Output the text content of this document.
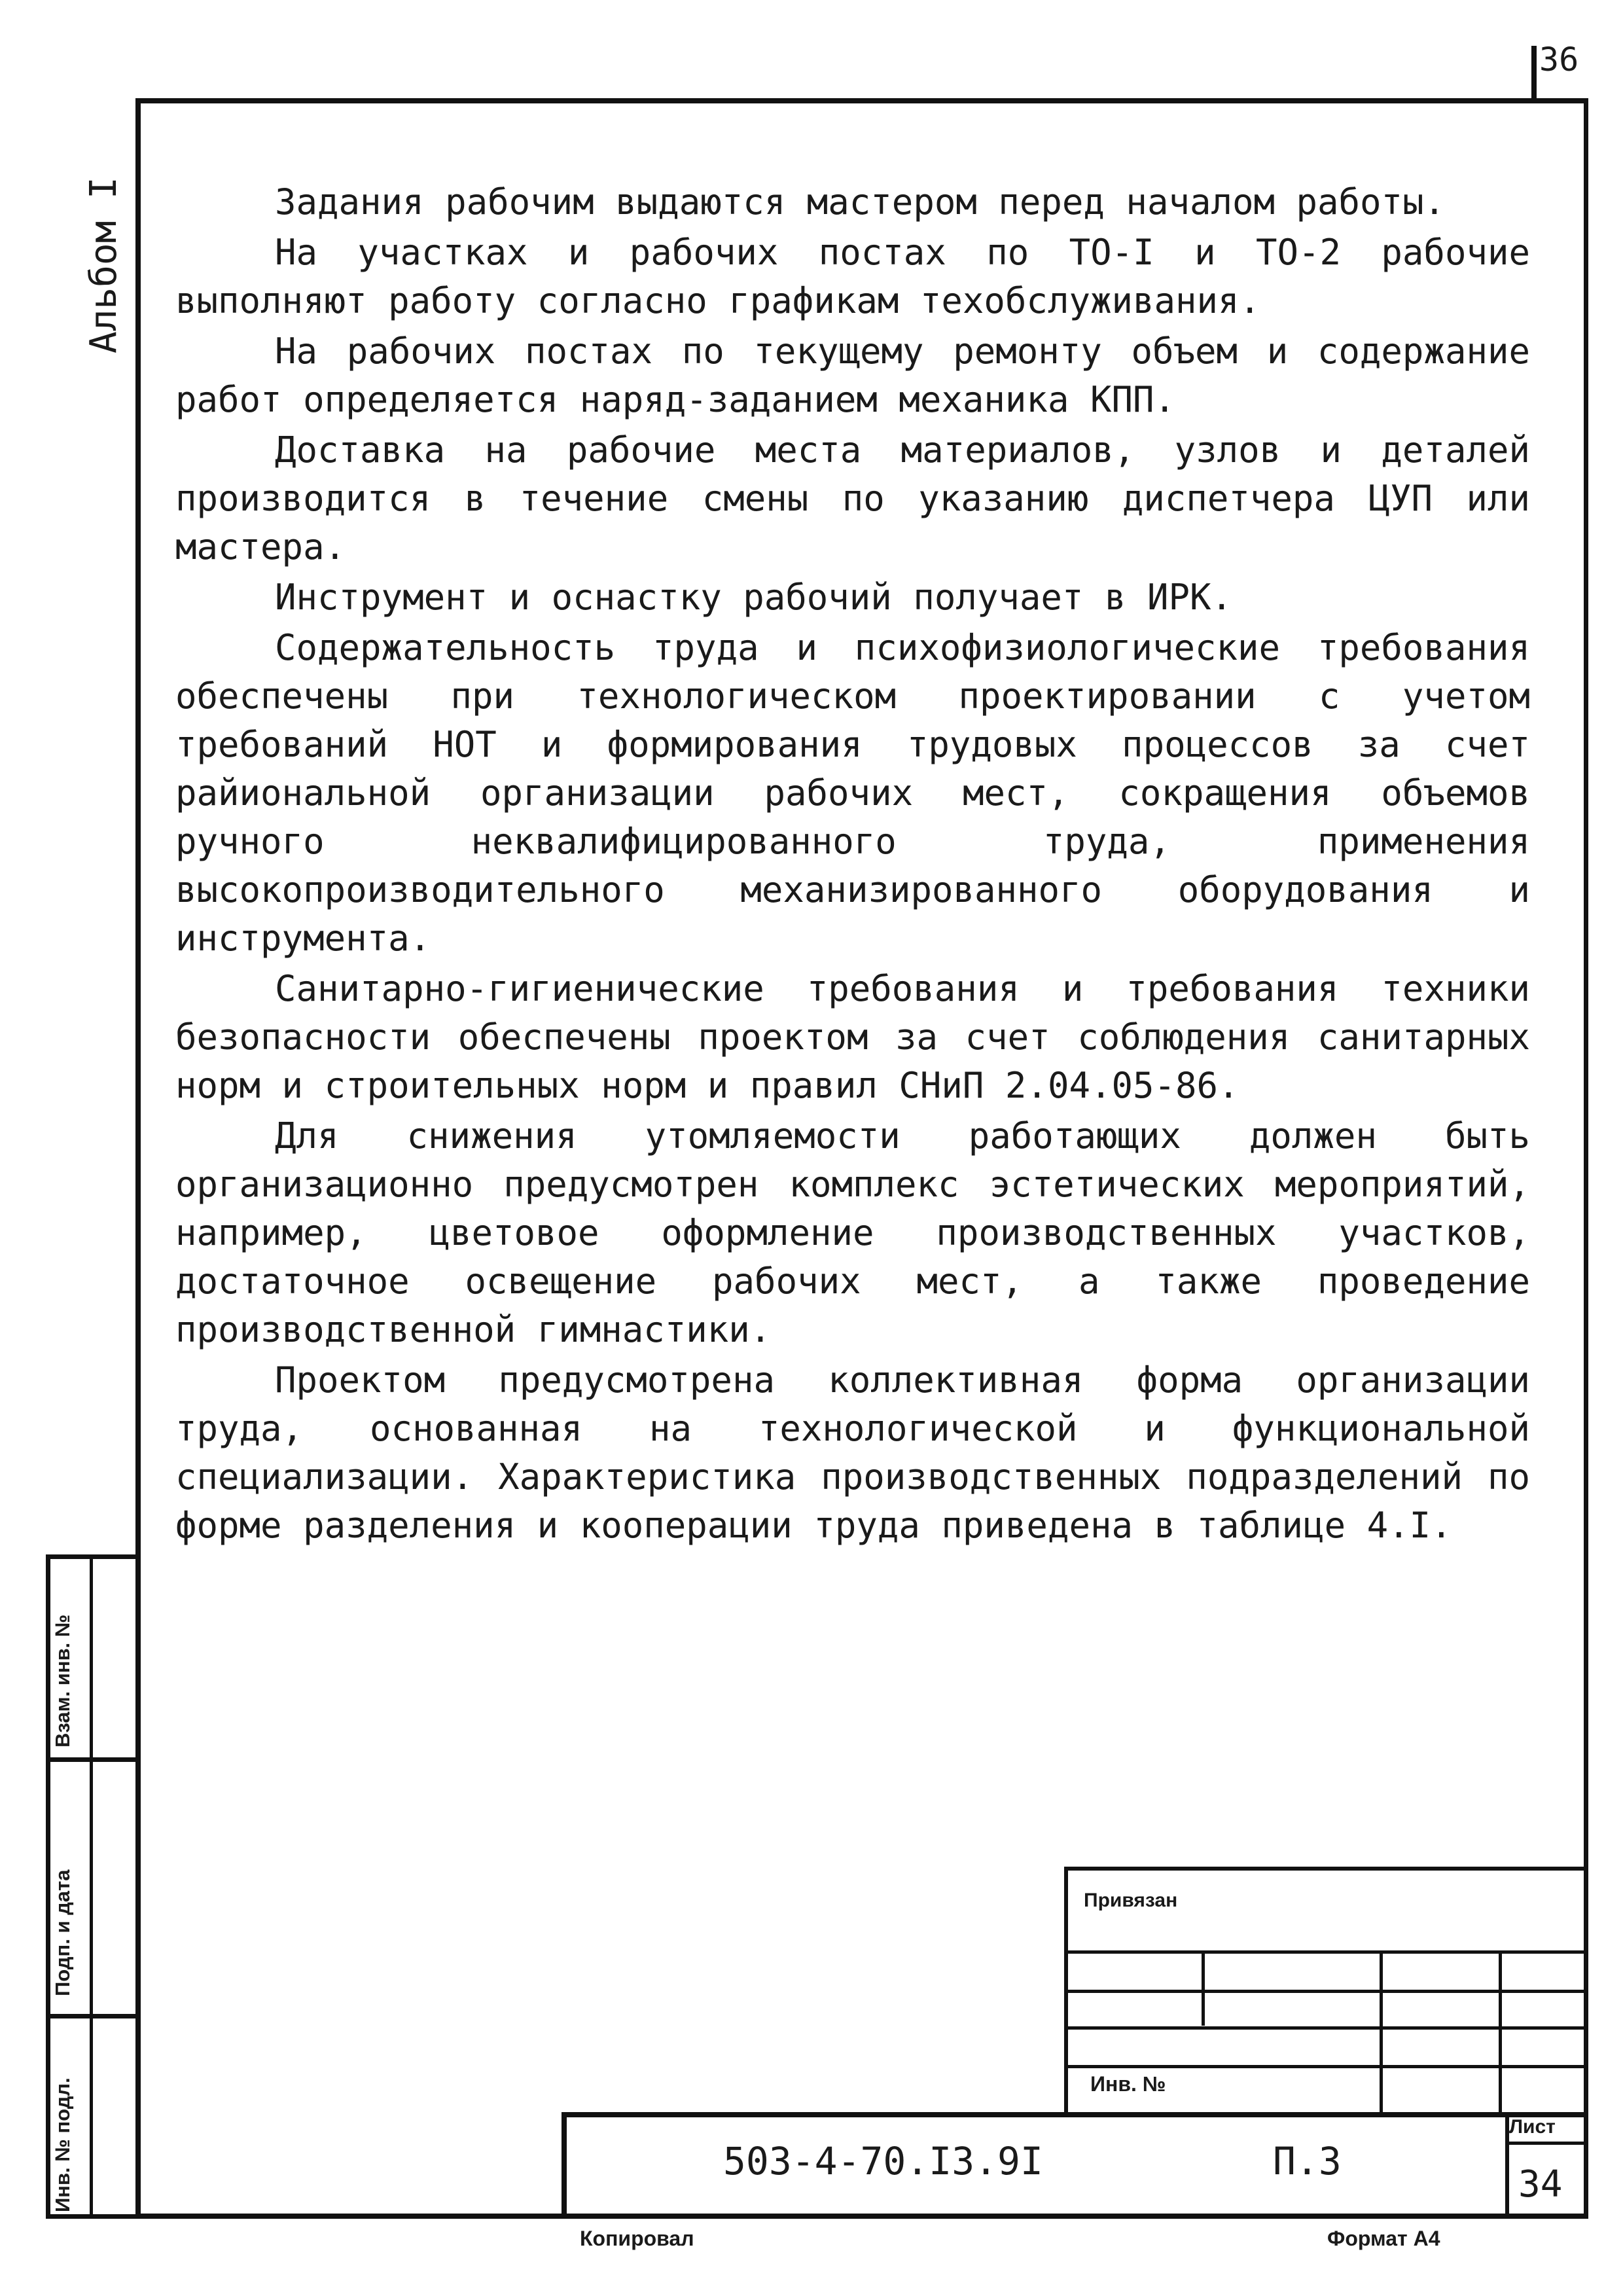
36
Альбом I
Взам. инв. №
Подп. и дата
Инв. № подл.

Задания рабочим выдаются мастером перед началом работы.

На участках и рабочих постах по ТО-I и ТО-2 рабочие выполняют работу согласно графикам техобслуживания.

На рабочих постах по текущему ремонту объем и содержание работ определяется наряд-заданием механика КПП.

Доставка на рабочие места материалов, узлов и деталей производится в течение смены по указанию диспетчера ЦУП или мастера.

Инструмент и оснастку рабочий получает в ИРК.

Содержательность труда и психофизиологические требования обеспечены при технологическом проектировании с учетом требований НОТ и формирования трудовых процессов за счет райиональной организации рабочих мест, сокращения объемов ручного неквалифицированного труда, применения высокопроизводительного механизированного оборудования и инструмента.

Санитарно-гигиенические требования и требования техники безопасности обеспечены проектом за счет соблюдения санитарных норм и строительных норм и правил СНиП 2.04.05-86.

Для снижения утомляемости работающих должен быть организационно предусмотрен комплекс эстетических мероприятий, например, цветовое оформление производственных участков, достаточное освещение рабочих мест, а также проведение производственной гимнастики.

Проектом предусмотрена коллективная форма организации труда, основанная на технологической и функциональной специализации. Характеристика производственных подразделений по форме разделения и кооперации труда приведена в таблице 4.I.

Привязан
Инв. №
503-4-70.I3.9I	П.3
Лист
34
Копировал	Формат А4
